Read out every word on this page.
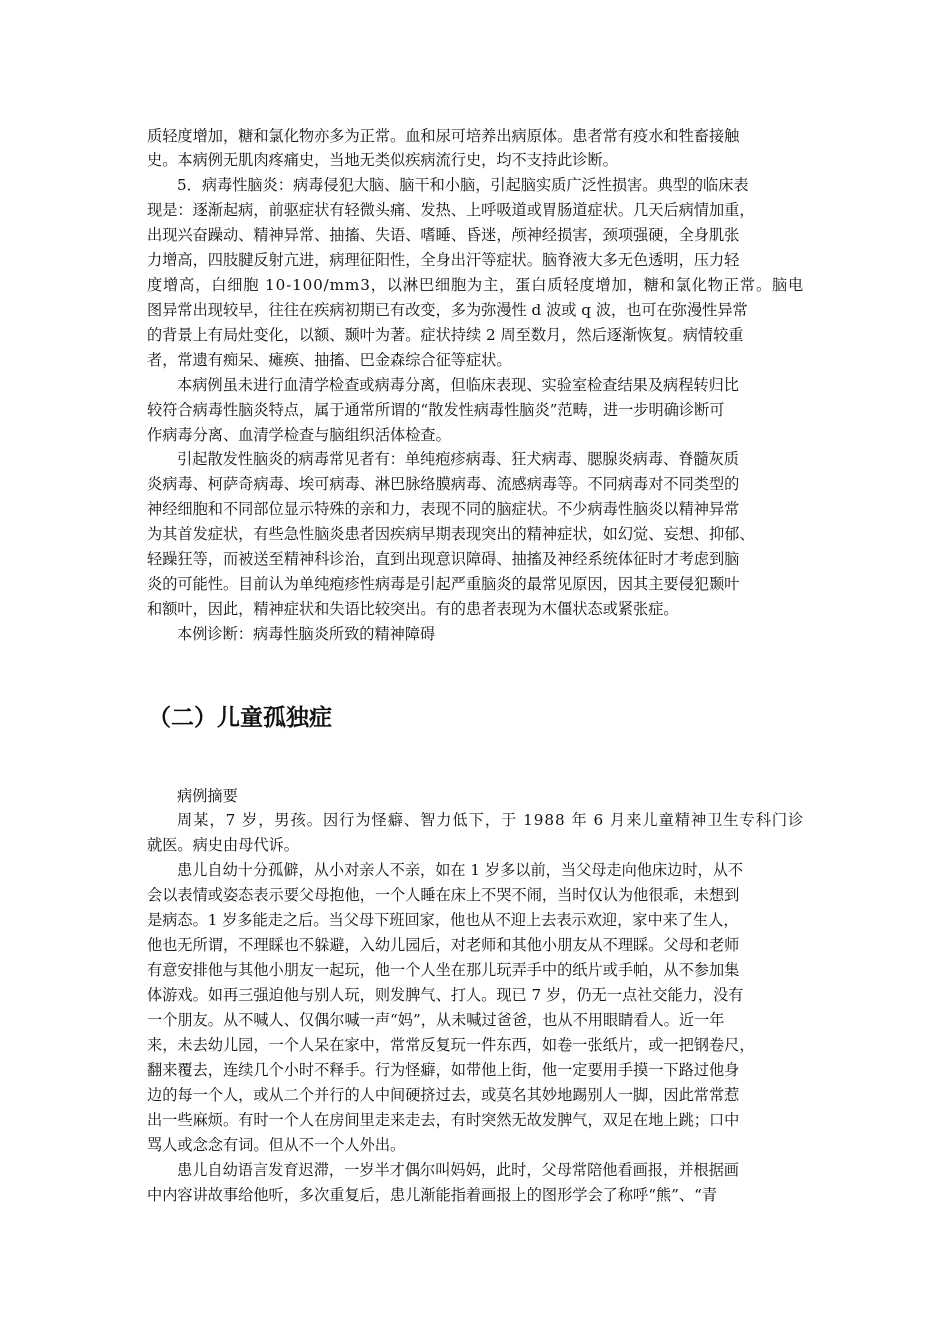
质轻度增加，糖和氯化物亦多为正常。血和尿可培养出病原体。患者常有疫水和牲畜接触
史。本病例无肌肉疼痛史，当地无类似疾病流行史，均不支持此诊断。
5．病毒性脑炎：病毒侵犯大脑、脑干和小脑，引起脑实质广泛性损害。典型的临床表
现是：逐渐起病，前驱症状有轻微头痛、发热、上呼吸道或胃肠道症状。几天后病情加重，
出现兴奋躁动、精神异常、抽搐、失语、嗜睡、昏迷，颅神经损害，颈项强硬，全身肌张
力增高，四肢腱反射亢进，病理征阳性，全身出汗等症状。脑脊液大多无色透明，压力轻
度增高，白细胞 10-100/mm3，以淋巴细胞为主，蛋白质轻度增加，糖和氯化物正常。脑电
图异常出现较早，往往在疾病初期已有改变，多为弥漫性 d 波或 q 波，也可在弥漫性异常
的背景上有局灶变化，以额、颞叶为著。症状持续 2 周至数月，然后逐渐恢复。病情较重
者，常遗有痴呆、瘫痪、抽搐、巴金森综合征等症状。
本病例虽未进行血清学检查或病毒分离，但临床表现、实验室检查结果及病程转归比
较符合病毒性脑炎特点，属于通常所谓的“散发性病毒性脑炎”范畴，进一步明确诊断可
作病毒分离、血清学检查与脑组织活体检查。
引起散发性脑炎的病毒常见者有：单纯疱疹病毒、狂犬病毒、腮腺炎病毒、脊髓灰质
炎病毒、柯萨奇病毒、埃可病毒、淋巴脉络膜病毒、流感病毒等。不同病毒对不同类型的
神经细胞和不同部位显示特殊的亲和力，表现不同的脑症状。不少病毒性脑炎以精神异常
为其首发症状，有些急性脑炎患者因疾病早期表现突出的精神症状，如幻觉、妄想、抑郁、
轻躁狂等，而被送至精神科诊治，直到出现意识障碍、抽搐及神经系统体征时才考虑到脑
炎的可能性。目前认为单纯疱疹性病毒是引起严重脑炎的最常见原因，因其主要侵犯颞叶
和额叶，因此，精神症状和失语比较突出。有的患者表现为木僵状态或紧张症。
本例诊断：病毒性脑炎所致的精神障碍
（二）儿童孤独症
病例摘要
周某，7 岁，男孩。因行为怪癖、智力低下，于 1988 年 6 月来儿童精神卫生专科门诊
就医。病史由母代诉。
患儿自幼十分孤僻，从小对亲人不亲，如在 1 岁多以前，当父母走向他床边时，从不
会以表情或姿态表示要父母抱他，一个人睡在床上不哭不闹，当时仅认为他很乖，未想到
是病态。1 岁多能走之后。当父母下班回家，他也从不迎上去表示欢迎，家中来了生人，
他也无所谓，不理睬也不躲避，入幼儿园后，对老师和其他小朋友从不理睬。父母和老师
有意安排他与其他小朋友一起玩，他一个人坐在那儿玩弄手中的纸片或手帕，从不参加集
体游戏。如再三强迫他与别人玩，则发脾气、打人。现已 7 岁，仍无一点社交能力，没有
一个朋友。从不喊人、仅偶尔喊一声“妈”，从未喊过爸爸，也从不用眼睛看人。近一年
来，未去幼儿园，一个人呆在家中，常常反复玩一件东西，如卷一张纸片，或一把钢卷尺，
翻来覆去，连续几个小时不释手。行为怪癖，如带他上街，他一定要用手摸一下路过他身
边的每一个人，或从二个并行的人中间硬挤过去，或莫名其妙地踢别人一脚，因此常常惹
出一些麻烦。有时一个人在房间里走来走去，有时突然无故发脾气，双足在地上跳；口中
骂人或念念有词。但从不一个人外出。
患儿自幼语言发育迟滞，一岁半才偶尔叫妈妈，此时，父母常陪他看画报，并根据画
中内容讲故事给他听，多次重复后，患儿渐能指着画报上的图形学会了称呼“熊”、“青
